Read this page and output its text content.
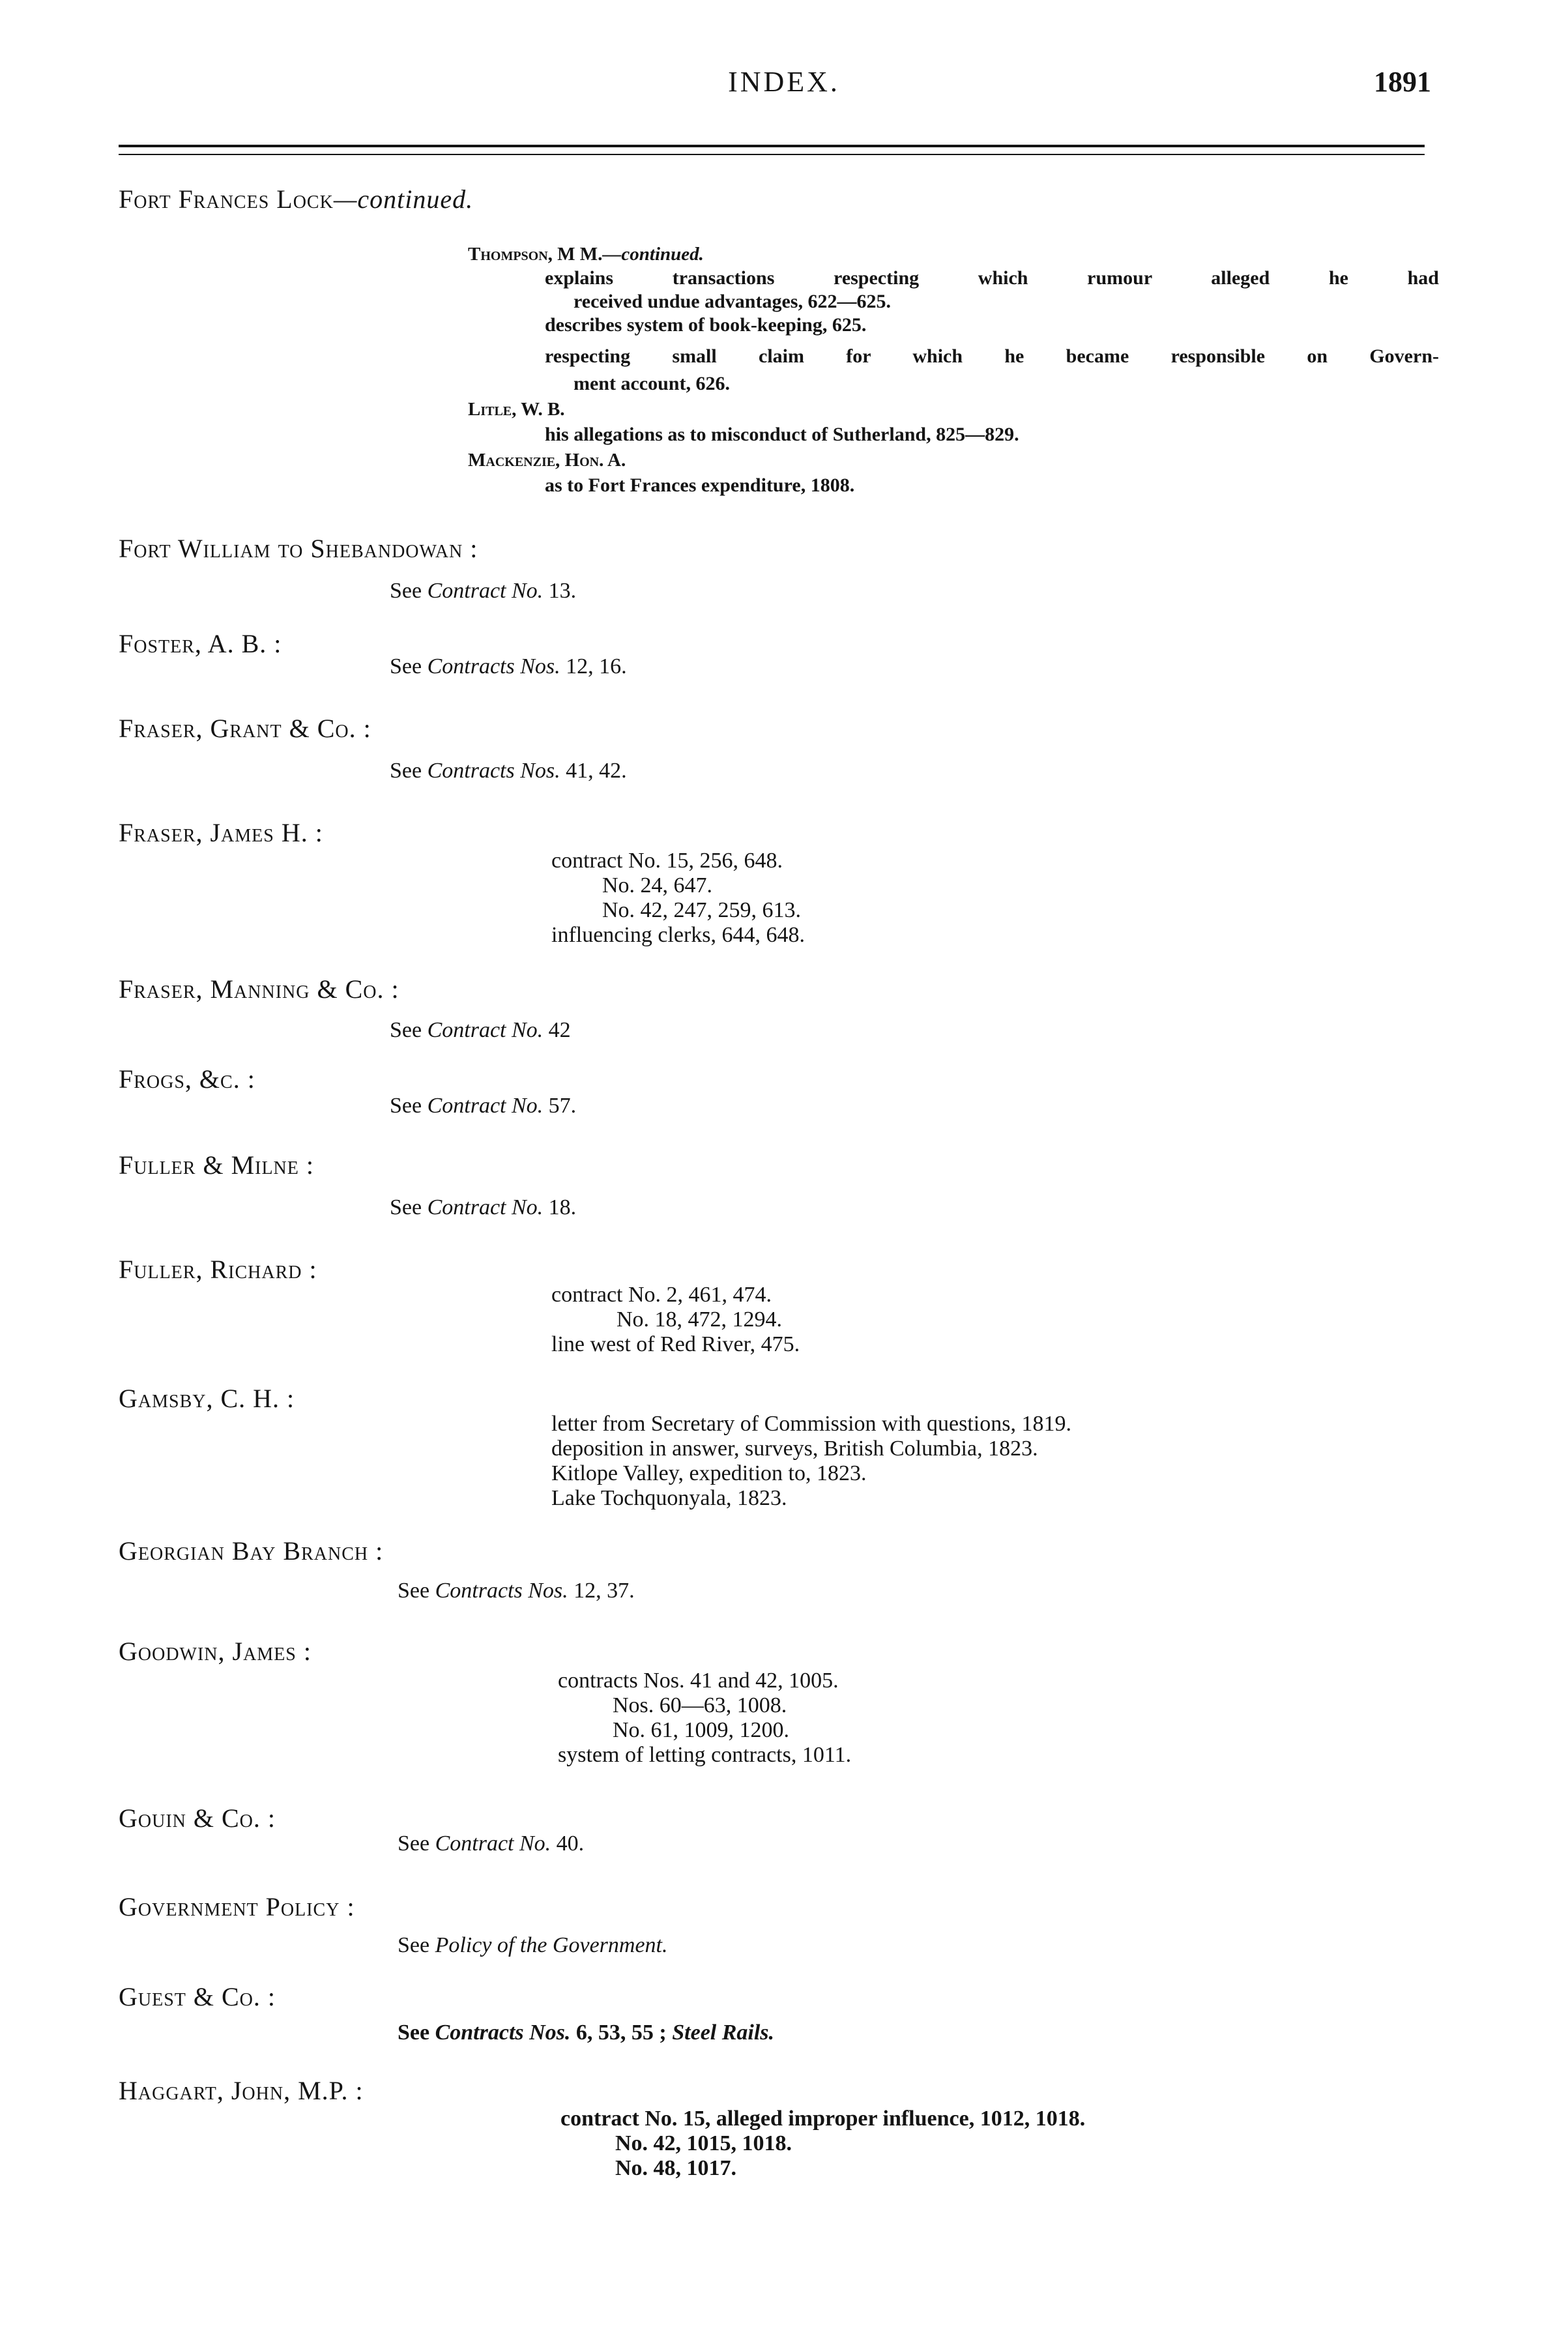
INDEX.	1891
Fort Frances Lock—continued.
Thompson, M M.—continued.
explains transactions respecting which rumour alleged he had
received undue advantages, 622—625.
describes system of book-keeping, 625.
respecting small claim for which he became responsible on Govern-
ment account, 626.
Litle, W. B.
his allegations as to misconduct of Sutherland, 825—829.
Mackenzie, Hon. A.
as to Fort Frances expenditure, 1808.
Fort William to Shebandowan :
See Contract No. 13.
Foster, A. B. :
See Contracts Nos. 12, 16.
Fraser, Grant & Co. :
See Contracts Nos. 41, 42.
Fraser, James H. :
contract No. 15, 256, 648.
No. 24, 647.
No. 42, 247, 259, 613.
influencing clerks, 644, 648.
Fraser, Manning & Co. :
See Contract No. 42
Frogs, &c. :
See Contract No. 57.
Fuller & Milne :
See Contract No. 18.
Fuller, Richard :
contract No. 2, 461, 474.
No. 18, 472, 1294.
line west of Red River, 475.
Gamsby, C. H. :
letter from Secretary of Commission with questions, 1819.
deposition in answer, surveys, British Columbia, 1823.
Kitlope Valley, expedition to, 1823.
Lake Tochquonyala, 1823.
Georgian Bay Branch :
See Contracts Nos. 12, 37.
Goodwin, James :
contracts Nos. 41 and 42, 1005.
Nos. 60—63, 1008.
No. 61, 1009, 1200.
system of letting contracts, 1011.
Gouin & Co. :
See Contract No. 40.
Government Policy :
See Policy of the Government.
Guest & Co. :
See Contracts Nos. 6, 53, 55 ; Steel Rails.
Haggart, John, M.P. :
contract No. 15, alleged improper influence, 1012, 1018.
No. 42, 1015, 1018.
No. 48, 1017.
